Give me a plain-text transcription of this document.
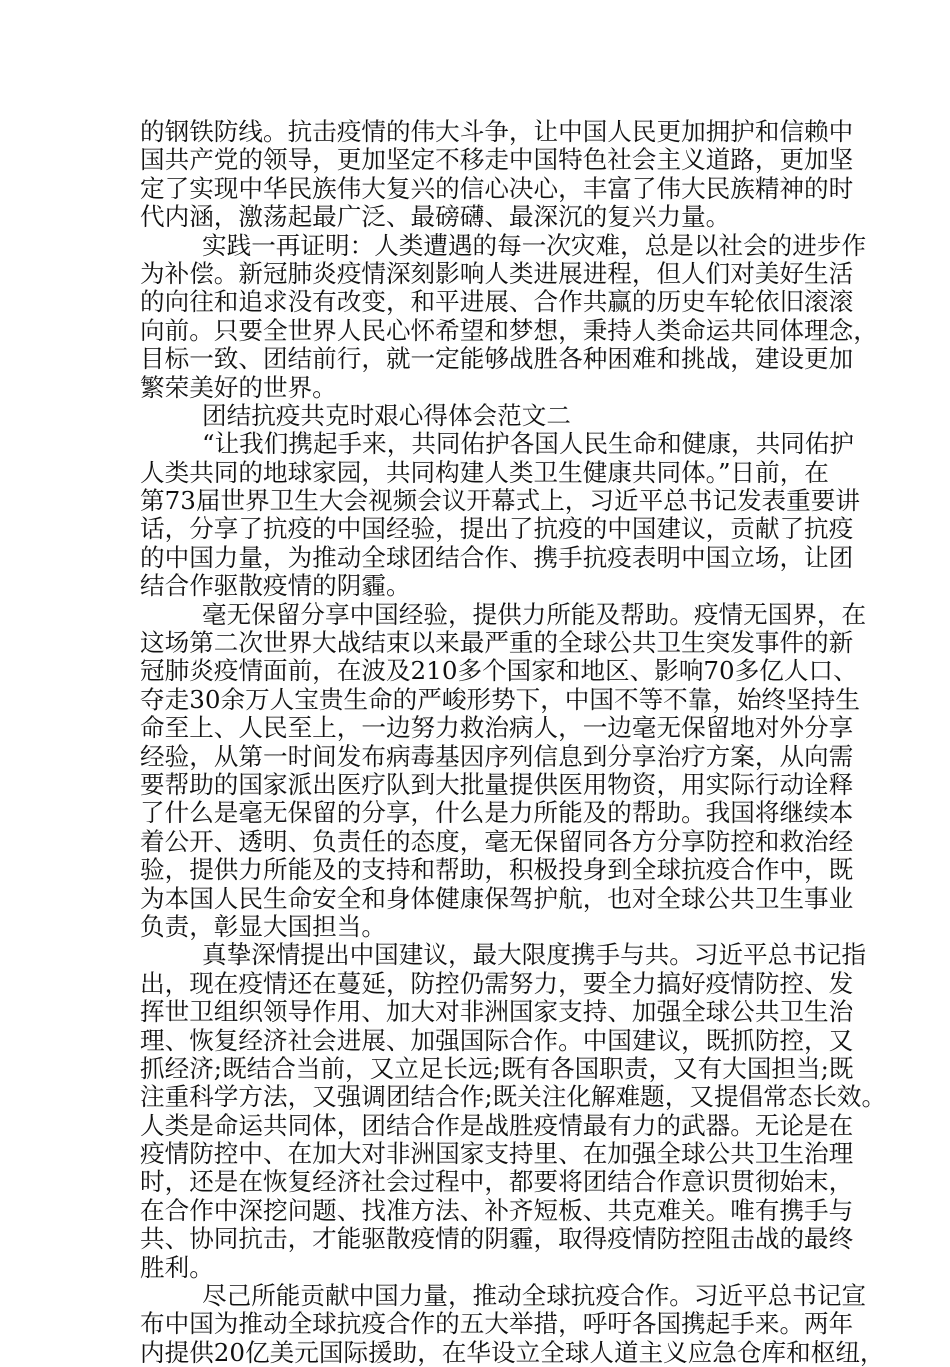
的钢铁防线。抗击疫情的伟大斗争，让中国人民更加拥护和信赖中
国共产党的领导，更加坚定不移走中国特色社会主义道路，更加坚
定了实现中华民族伟大复兴的信心决心，丰富了伟大民族精神的时
代内涵，激荡起最广泛、最磅礴、最深沉的复兴力量。
实践一再证明：人类遭遇的每一次灾难，总是以社会的进步作
为补偿。新冠肺炎疫情深刻影响人类进展进程，但人们对美好生活
的向往和追求没有改变，和平进展、合作共赢的历史车轮依旧滚滚
向前。只要全世界人民心怀希望和梦想，秉持人类命运共同体理念，
目标一致、团结前行，就一定能够战胜各种困难和挑战，建设更加
繁荣美好的世界。
团结抗疫共克时艰心得体会范文二
“让我们携起手来，共同佑护各国人民生命和健康，共同佑护
人类共同的地球家园，共同构建人类卫生健康共同体。”日前，在
第73届世界卫生大会视频会议开幕式上，习近平总书记发表重要讲
话，分享了抗疫的中国经验，提出了抗疫的中国建议，贡献了抗疫
的中国力量，为推动全球团结合作、携手抗疫表明中国立场，让团
结合作驱散疫情的阴霾。
毫无保留分享中国经验，提供力所能及帮助。疫情无国界，在
这场第二次世界大战结束以来最严重的全球公共卫生突发事件的新
冠肺炎疫情面前，在波及210多个国家和地区、影响70多亿人口、
夺走30余万人宝贵生命的严峻形势下，中国不等不靠，始终坚持生
命至上、人民至上，一边努力救治病人，一边毫无保留地对外分享
经验，从第一时间发布病毒基因序列信息到分享治疗方案，从向需
要帮助的国家派出医疗队到大批量提供医用物资，用实际行动诠释
了什么是毫无保留的分享，什么是力所能及的帮助。我国将继续本
着公开、透明、负责任的态度，毫无保留同各方分享防控和救治经
验，提供力所能及的支持和帮助，积极投身到全球抗疫合作中，既
为本国人民生命安全和身体健康保驾护航，也对全球公共卫生事业
负责，彰显大国担当。
真挚深情提出中国建议，最大限度携手与共。习近平总书记指
出，现在疫情还在蔓延，防控仍需努力，要全力搞好疫情防控、发
挥世卫组织领导作用、加大对非洲国家支持、加强全球公共卫生治
理、恢复经济社会进展、加强国际合作。中国建议，既抓防控，又
抓经济;既结合当前，又立足长远;既有各国职责，又有大国担当;既
注重科学方法，又强调团结合作;既关注化解难题，又提倡常态长效。
人类是命运共同体，团结合作是战胜疫情最有力的武器。无论是在
疫情防控中、在加大对非洲国家支持里、在加强全球公共卫生治理
时，还是在恢复经济社会过程中，都要将团结合作意识贯彻始末，
在合作中深挖问题、找准方法、补齐短板、共克难关。唯有携手与
共、协同抗击，才能驱散疫情的阴霾，取得疫情防控阻击战的最终
胜利。
尽己所能贡献中国力量，推动全球抗疫合作。习近平总书记宣
布中国为推动全球抗疫合作的五大举措，呼吁各国携起手来。两年
内提供20亿美元国际援助，在华设立全球人道主义应急仓库和枢纽，
